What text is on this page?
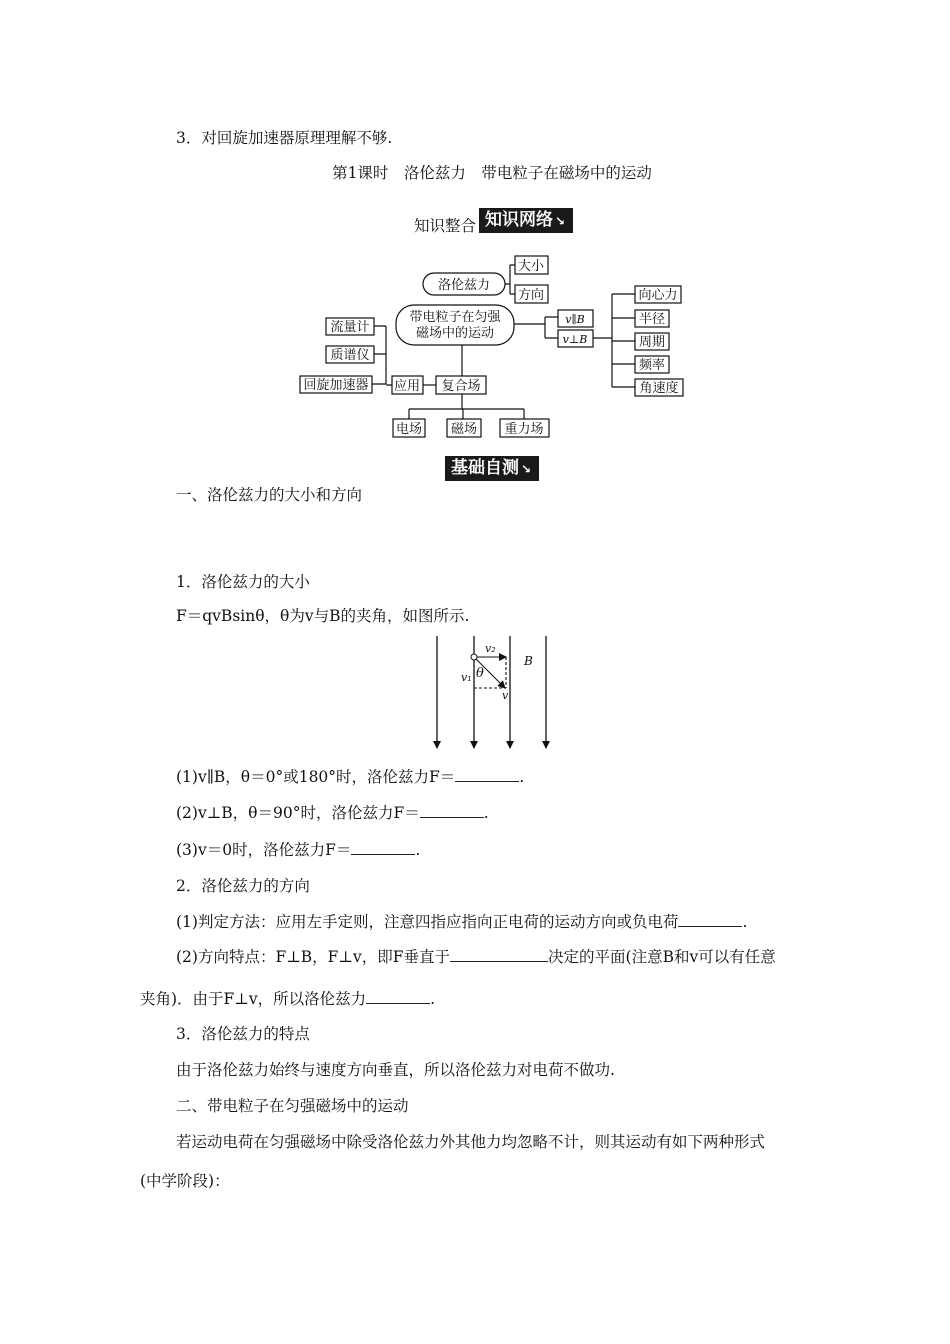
3．对回旋加速器原理理解不够.
第1课时　洛伦兹力　带电粒子在磁场中的运动
知识整合 知识网络 ↘
洛伦兹力
大小
方向
带电粒子在匀强
磁场中的运动
v∥B
v⊥B
向心力
半径
周期
频率
角速度
流量计
质谱仪
回旋加速器 应用 复合场
电场 磁场 重力场
基础自测 ↘
一、洛伦兹力的大小和方向
1．洛伦兹力的大小
F＝qvBsinθ，θ为v与B的夹角，如图所示.
v₂
v₁ θ
v
B
(1)v∥B，θ＝0°或180°时，洛伦兹力F＝	.
(2)v⊥B，θ＝90°时，洛伦兹力F＝	.
(3)v＝0时，洛伦兹力F＝	.
2．洛伦兹力的方向
(1)判定方法：应用左手定则，注意四指应指向正电荷的运动方向或负电荷	.
(2)方向特点：F⊥B，F⊥v，即F垂直于	决定的平面(注意B和v可以有任意
夹角)．由于F⊥v，所以洛伦兹力	.
3．洛伦兹力的特点
由于洛伦兹力始终与速度方向垂直，所以洛伦兹力对电荷不做功.
二、带电粒子在匀强磁场中的运动
若运动电荷在匀强磁场中除受洛伦兹力外其他力均忽略不计，则其运动有如下两种形式
(中学阶段)：
